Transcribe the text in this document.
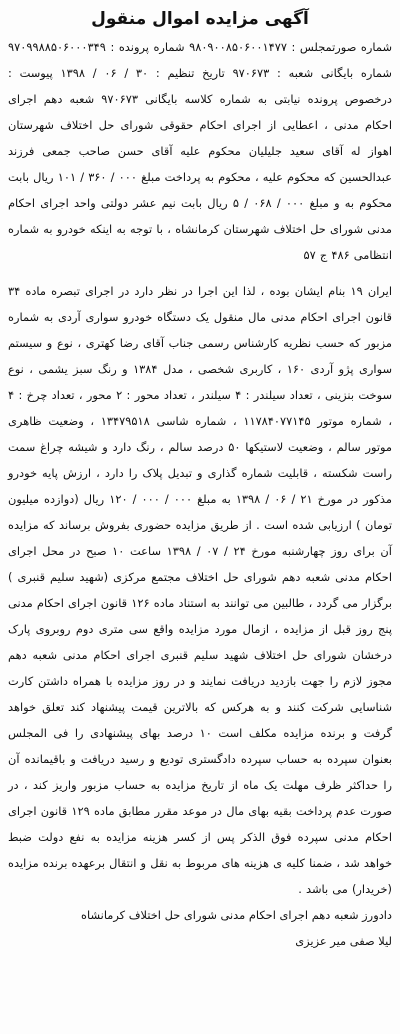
آگهی مزایده اموال منقول

شماره صورتمجلس : ۹۸۰۹۰۰۸۵۰۶۰۰۱۴۷۷ شماره پرونده : ۹۷۰۹۹۸۸۵۰۶۰۰۰۳۴۹ شماره بایگانی شعبه : ۹۷۰۶۷۳ تاریخ تنظیم : ۳۰ / ۰۶ / ۱۳۹۸ پیوست : درخصوص پرونده نیابتی به شماره کلاسه بایگانی ۹۷۰۶۷۳ شعبه دهم اجرای احکام مدنی ، اعطایی از اجرای احکام حقوقی شورای حل اختلاف شهرستان اهواز له آقای سعید جلیلیان محکوم علیه آقای حسن صاحب جمعی فرزند عبدالحسین که محکوم علیه ، محکوم به پرداخت مبلغ ۰۰۰ / ۳۶۰ / ۱۰۱ ریال بابت محکوم به و مبلغ ۰۰۰ / ۰۶۸ / ۵ ریال بابت نیم عشر دولتی واحد اجرای احکام مدنی شورای حل اختلاف شهرستان کرمانشاه ، با توجه به اینکه خودرو به شماره انتظامی ۴۸۶ ج ۵۷

ایران ۱۹ بنام ایشان بوده ، لذا این اجرا در نظر دارد در اجرای تبصره ماده ۳۴ قانون اجرای احکام مدنی مال منقول یک دستگاه خودرو سواری آردی به شماره مزبور که حسب نظریه کارشناس رسمی جناب آقای رضا کهتری ، نوع و سیستم سواری پژو آردی ۱۶۰ ، کاربری شخصی ، مدل ۱۳۸۴ و رنگ سبز یشمی ، نوع سوخت بنزینی ، تعداد سیلندر : ۴ سیلندر ، تعداد محور : ۲ محور ، تعداد چرخ : ۴ ، شماره موتور ۱۱۷۸۴۰۷۷۱۴۵ ، شماره شاسی ۱۳۴۷۹۵۱۸ ، وضعیت ظاهری موتور سالم ، وضعیت لاستیکها ۵۰ درصد سالم ، رنگ دارد و شیشه چراغ سمت راست شکسته ، قابلیت شماره گذاری و تبدیل پلاک را دارد ، ارزش پایه خودرو مذکور در مورخ ۲۱ / ۰۶ / ۱۳۹۸ به مبلغ ۰۰۰ / ۰۰۰ / ۱۲۰ ریال (دوازده میلیون تومان ) ارزیابی شده است . از طریق مزایده حضوری بفروش برساند که مزایده آن برای روز چهارشنبه مورخ ۲۴ / ۰۷ / ۱۳۹۸ ساعت ۱۰ صبح در محل اجرای احکام مدنی شعبه دهم شورای حل اختلاف مجتمع مرکزی (شهید سلیم قنبری ) برگزار می گردد ، طالبین می توانند به استناد ماده ۱۲۶ قانون اجرای احکام مدنی پنج روز قبل از مزایده ، ازمال مورد مزایده واقع سی متری دوم روبروی پارک درخشان شورای حل اختلاف شهید سلیم قنبری اجرای احکام مدنی شعبه دهم مجوز لازم را جهت بازدید دریافت نمایند و در روز مزایده با همراه داشتن کارت شناسایی شرکت کنند و به هرکس که بالاترین قیمت پیشنهاد کند تعلق خواهد گرفت و برنده مزایده مکلف است ۱۰ درصد بهای پیشنهادی را فی المجلس بعنوان سپرده به حساب سپرده دادگستری تودیع و رسید دریافت و باقیمانده آن را حداکثر ظرف مهلت یک ماه از تاریخ مزایده به حساب مزبور واریز کند ، در صورت عدم پرداخت بقیه بهای مال در موعد مقرر مطابق ماده ۱۲۹ قانون اجرای احکام مدنی سپرده فوق الذکر پس از کسر هزینه مزایده به نفع دولت ضبط خواهد شد ، ضمنا کلیه ی هزینه های مربوط به نقل و انتقال برعهده برنده مزایده (خریدار) می باشد .

دادورز شعبه دهم اجرای احکام مدنی شورای حل اختلاف کرمانشاه

لیلا صفی میر عزیزی
